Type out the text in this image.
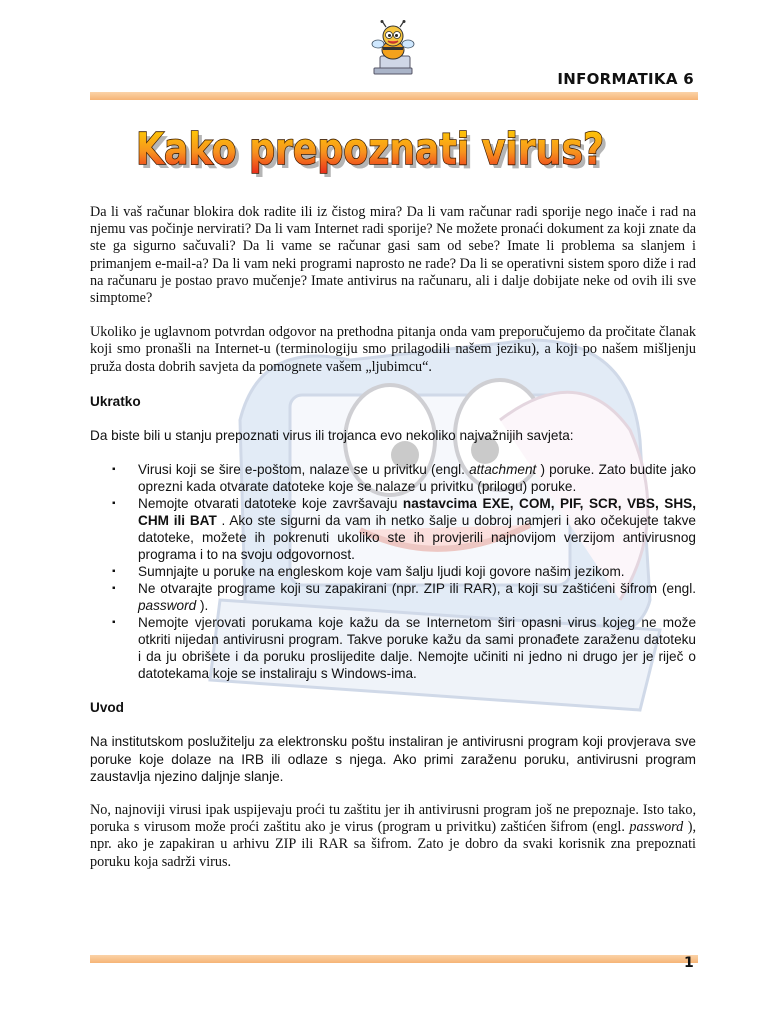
INFORMATIKA 6
Kako prepoznati virus?
Kako prepoznati virus?

Da li vaš računar blokira dok radite ili iz čistog mira? Da li vam računar radi sporije nego inače i rad na njemu vas počinje nervirati? Da li vam Internet radi sporije? Ne možete pronaći dokument za koji znate da ste ga sigurno sačuvali? Da li vame se računar gasi sam od sebe? Imate li problema sa slanjem i primanjem e-mail-a? Da li vam neki programi naprosto ne rade? Da li se operativni sistem sporo diže i rad na računaru je postao pravo mučenje? Imate antivirus na računaru, ali i dalje dobijate neke od ovih ili sve simptome?

Ukoliko je uglavnom potvrdan odgovor na prethodna pitanja onda vam preporučujemo da pročitate članak koji smo pronašli na Internet-u (terminologiju smo prilagodili našem jeziku), a koji po našem mišljenju pruža dosta dobrih savjeta da pomognete vašem „ljubimcu“.

Ukratko

Da biste bili u stanju prepoznati virus ili trojanca evo nekoliko najvažnijih savjeta:

▪ Virusi koji se šire e-poštom, nalaze se u privitku (engl. attachment ) poruke. Zato budite jako oprezni kada otvarate datoteke koje se nalaze u privitku (prilogu) poruke.
▪ Nemojte otvarati datoteke koje završavaju nastavcima EXE, COM, PIF, SCR, VBS, SHS, CHM ili BAT . Ako ste sigurni da vam ih netko šalje u dobroj namjeri i ako očekujete takve datoteke, možete ih pokrenuti ukoliko ste ih provjerili najnovijom verzijom antivirusnog programa i to na svoju odgovornost.
▪ Sumnjajte u poruke na engleskom koje vam šalju ljudi koji govore našim jezikom.
▪ Ne otvarajte programe koji su zapakirani (npr. ZIP ili RAR), a koji su zaštićeni šifrom (engl. password ).
▪ Nemojte vjerovati porukama koje kažu da se Internetom širi opasni virus kojeg ne može otkriti nijedan antivirusni program. Takve poruke kažu da sami pronađete zaraženu datoteku i da ju obrišete i da poruku proslijedite dalje. Nemojte učiniti ni jedno ni drugo jer je riječ o datotekama koje se instaliraju s Windows-ima.
Uvod

Na institutskom poslužitelju za elektronsku poštu instaliran je antivirusni program koji provjerava sve poruke koje dolaze na IRB ili odlaze s njega. Ako primi zaraženu poruku, antivirusni program zaustavlja njezino daljnje slanje.

No, najnoviji virusi ipak uspijevaju proći tu zaštitu jer ih antivirusni program još ne prepoznaje. Isto tako, poruka s virusom može proći zaštitu ako je virus (program u privitku) zaštićen šifrom (engl. password ), npr. ako je zapakiran u arhivu ZIP ili RAR sa šifrom. Zato je dobro da svaki korisnik zna prepoznati poruku koja sadrži virus.

1
